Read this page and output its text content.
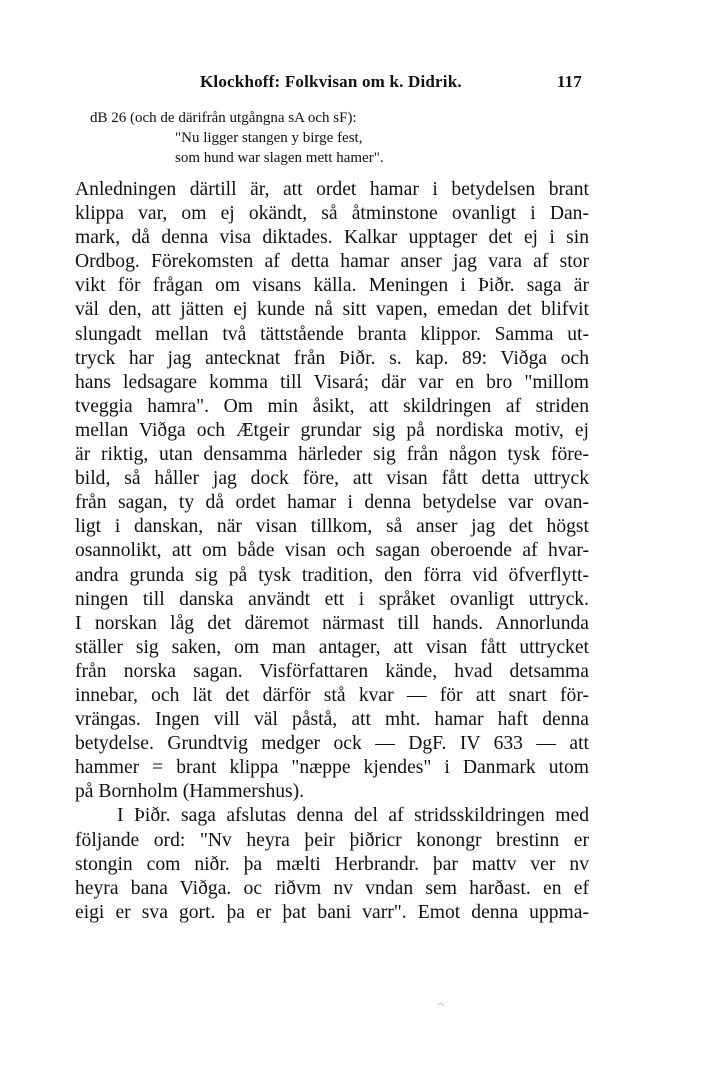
Klockhoff: Folkvisan om k. Didrik.	117
dB 26 (och de därifrån utgångna sA och sF):
"Nu ligger stangen y birge fest,
som hund war slagen mett hamer".
Anledningen därtill är, att ordet hamar i betydelsen brant
klippa var, om ej okändt, så åtminstone ovanligt i Dan-
mark, då denna visa diktades. Kalkar upptager det ej i sin
Ordbog. Förekomsten af detta hamar anser jag vara af stor
vikt för frågan om visans källa. Meningen i Þiðr. saga är
väl den, att jätten ej kunde nå sitt vapen, emedan det blifvit
slungadt mellan två tättstående branta klippor. Samma ut-
tryck har jag antecknat från Þiðr. s. kap. 89: Viðga och
hans ledsagare komma till Visará; där var en bro "millom
tveggia hamra". Om min åsikt, att skildringen af striden
mellan Viðga och Ætgeir grundar sig på nordiska motiv, ej
är riktig, utan densamma härleder sig från någon tysk före-
bild, så håller jag dock före, att visan fått detta uttryck
från sagan, ty då ordet hamar i denna betydelse var ovan-
ligt i danskan, när visan tillkom, så anser jag det högst
osannolikt, att om både visan och sagan oberoende af hvar-
andra grunda sig på tysk tradition, den förra vid öfverflytt-
ningen till danska användt ett i språket ovanligt uttryck.
I norskan låg det däremot närmast till hands. Annorlunda
ställer sig saken, om man antager, att visan fått uttrycket
från norska sagan. Visförfattaren kände, hvad detsamma
innebar, och lät det därför stå kvar — för att snart för-
vrängas. Ingen vill väl påstå, att mht. hamar haft denna
betydelse. Grundtvig medger ock — DgF. IV 633 — att
hammer = brant klippa "næppe kjendes" i Danmark utom
på Bornholm (Hammershus).
I Þiðr. saga afslutas denna del af stridsskildringen med
följande ord: "Nv heyra þeir þiðricr konongr brestinn er
stongin com niðr. þa mælti Herbrandr. þar mattv ver nv
heyra bana Viðga. oc riðvm nv vndan sem harðast. en ef
eigi er sva gort. þa er þat bani varr". Emot denna uppma-
